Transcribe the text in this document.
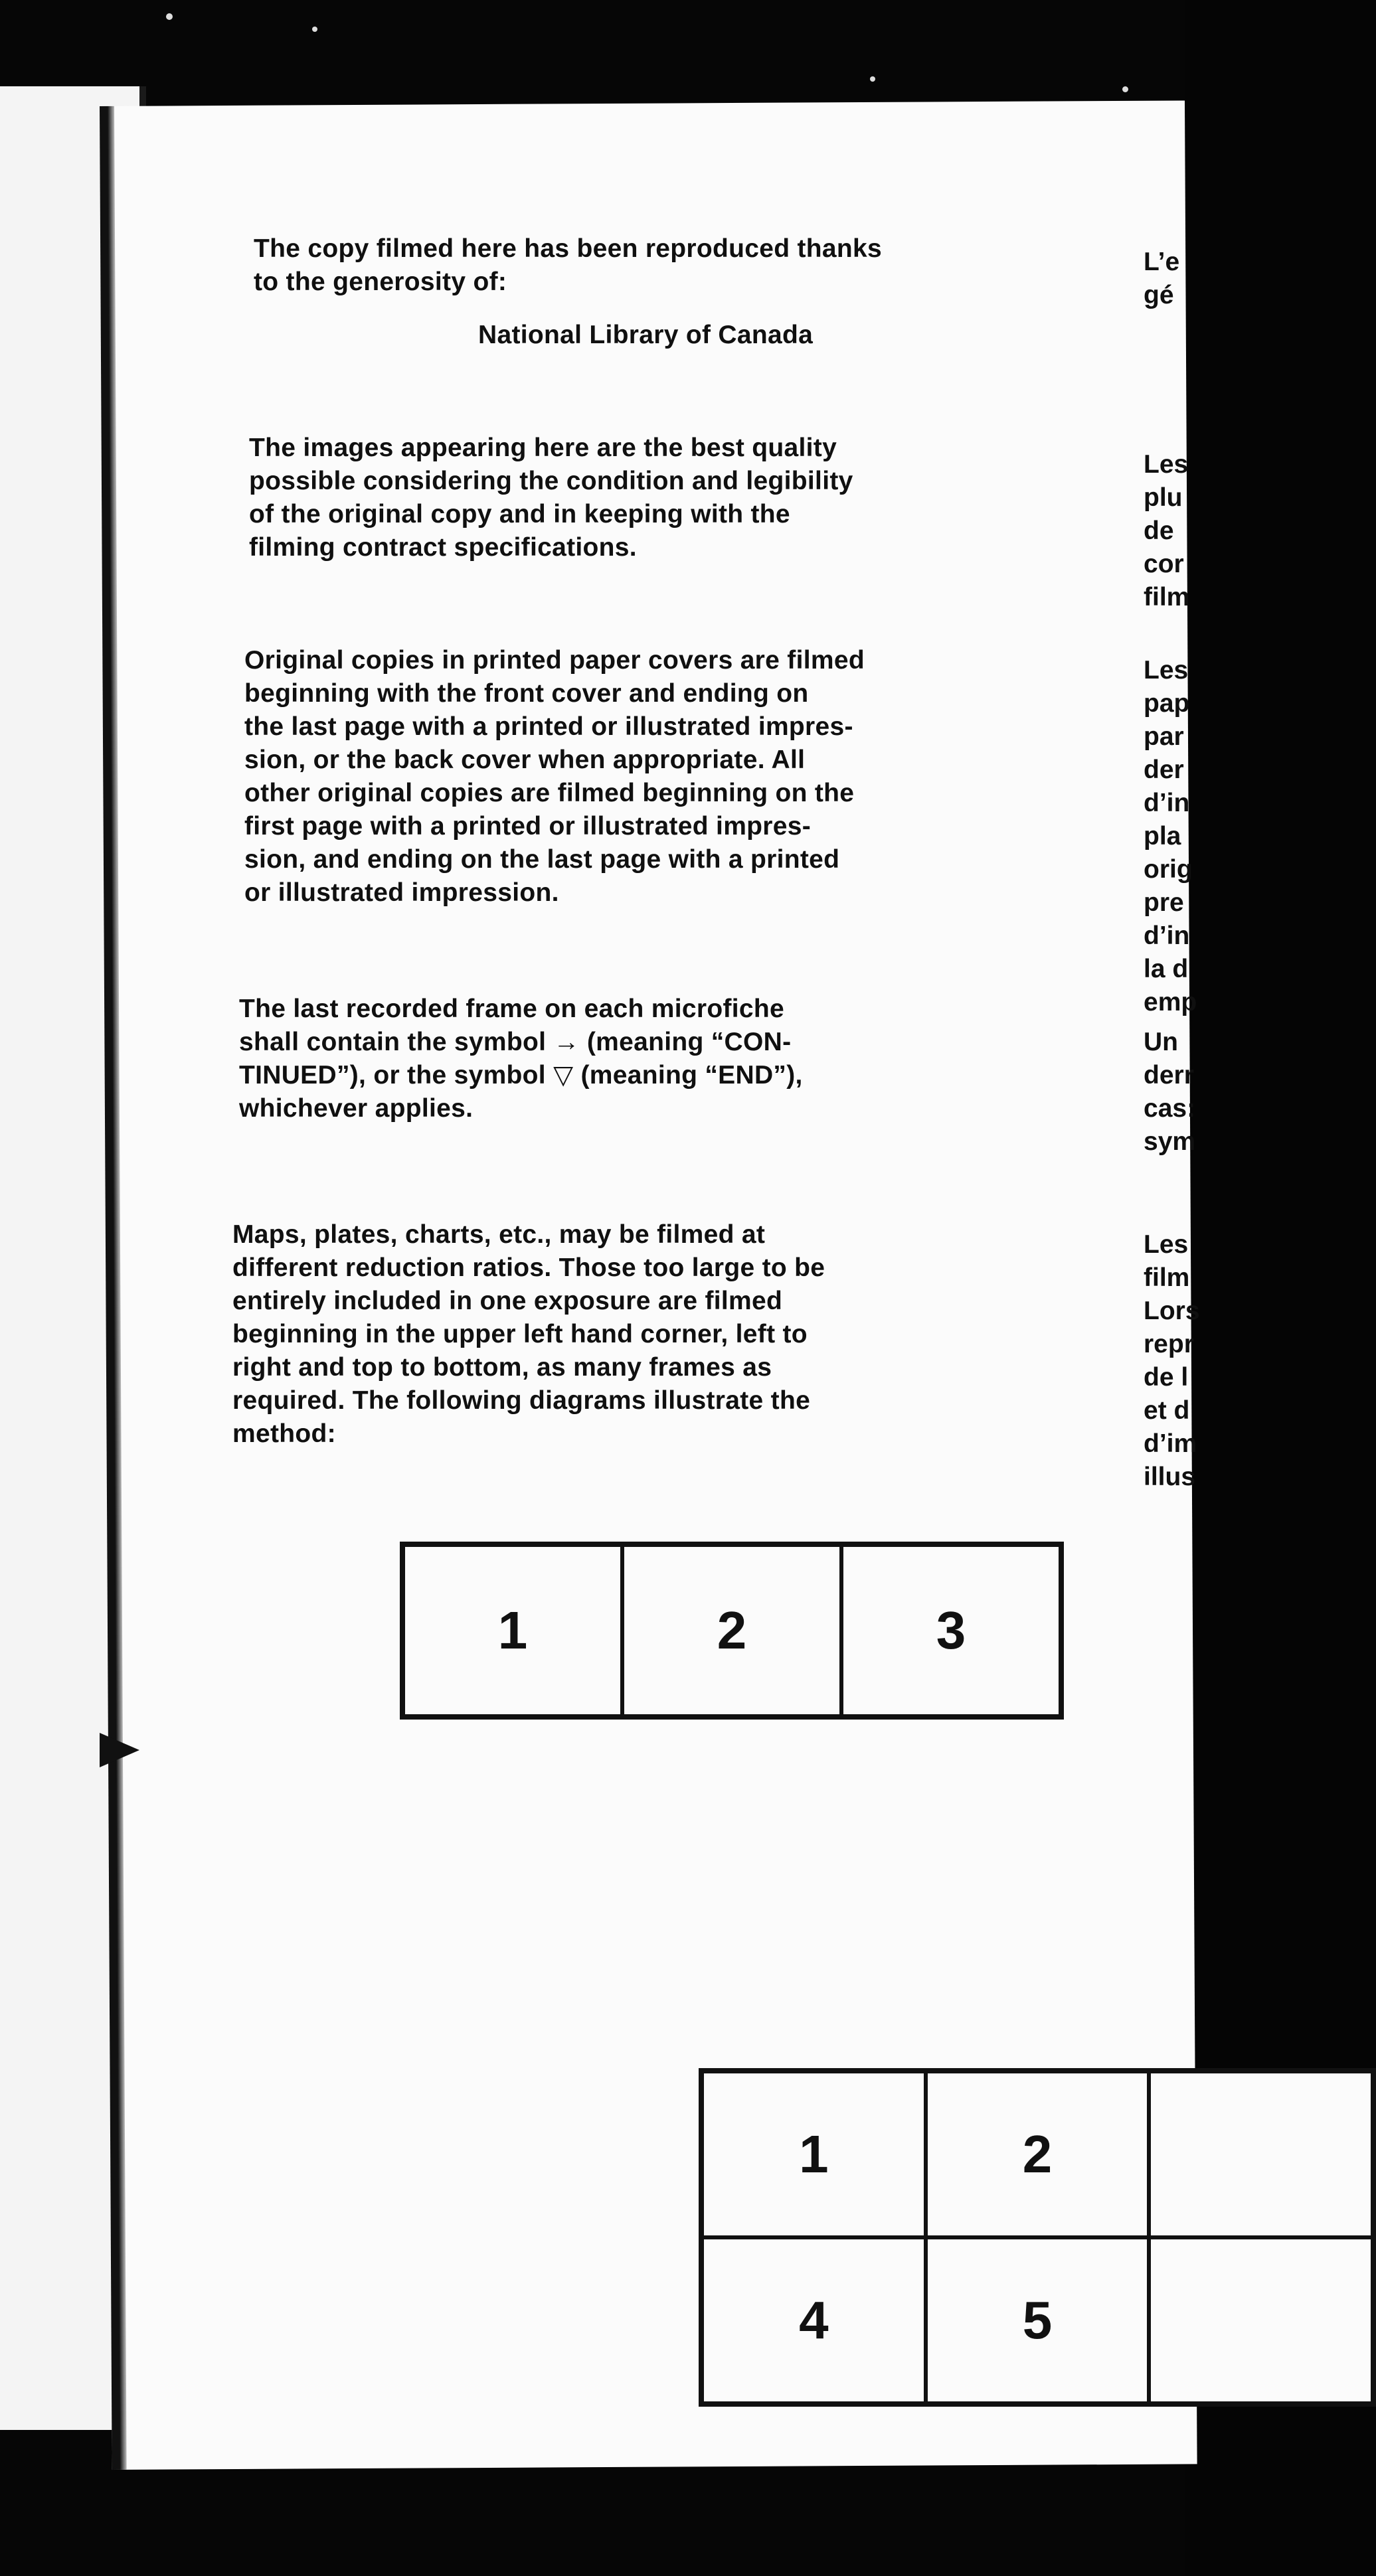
The copy filmed here has been reproduced thanks
to the generosity of:

National Library of Canada

The images appearing here are the best quality
possible considering the condition and legibility
of the original copy and in keeping with the
filming contract specifications.

Original copies in printed paper covers are filmed
beginning with the front cover and ending on
the last page with a printed or illustrated impres-
sion, or the back cover when appropriate. All
other original copies are filmed beginning on the
first page with a printed or illustrated impres-
sion, and ending on the last page with a printed
or illustrated impression.

The last recorded frame on each microfiche
shall contain the symbol → (meaning “CON-
TINUED”), or the symbol ▽ (meaning “END”),
whichever applies.

Maps, plates, charts, etc., may be filmed at
different reduction ratios. Those too large to be
entirely included in one exposure are filmed
beginning in the upper left hand corner, left to
right and top to bottom, as many frames as
required. The following diagrams illustrate the
method:

1	2	3
1	2
4	5
L’e
gé
Les
plu
de
cor
film
Les
pap
par
der
d’in
pla
orig
pre
d’in
la d
emp
Un
derr
cas:
sym
Les
film
Lors
repr
de l
et d
d’im
illus
